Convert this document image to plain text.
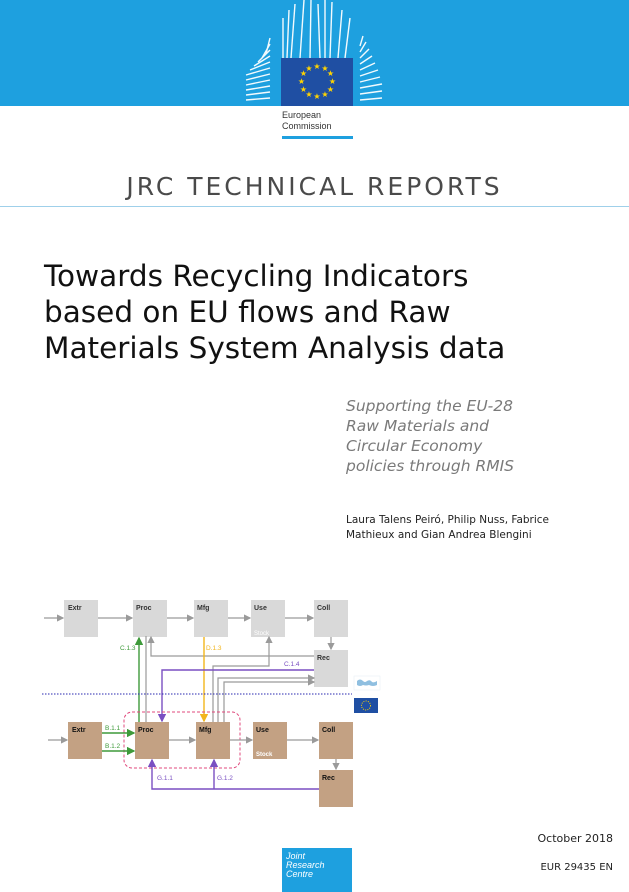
★ ★
★
★
★
★
★
★
★
★
★
★
European
Commission
JRC TECHNICAL REPORTS
Towards Recycling Indicators
based on EU flows and Raw
Materials System Analysis data
Supporting the EU-28
Raw Materials and
Circular Economy
policies through RMIS
Laura Talens Peiró, Philip Nuss, Fabrice
Mathieux and Gian Andrea Blengini
Extr	Proc	Mfg	Use	Coll
Rec
Stock
C.1.3	D.1.3
C.1.4
Extr	Proc	Mfg	Use	Coll
Rec
Stock
B.1.1
B.1.2
G.1.1	G.1.2
October 2018
Joint
Research
Centre
EUR 29435 EN
